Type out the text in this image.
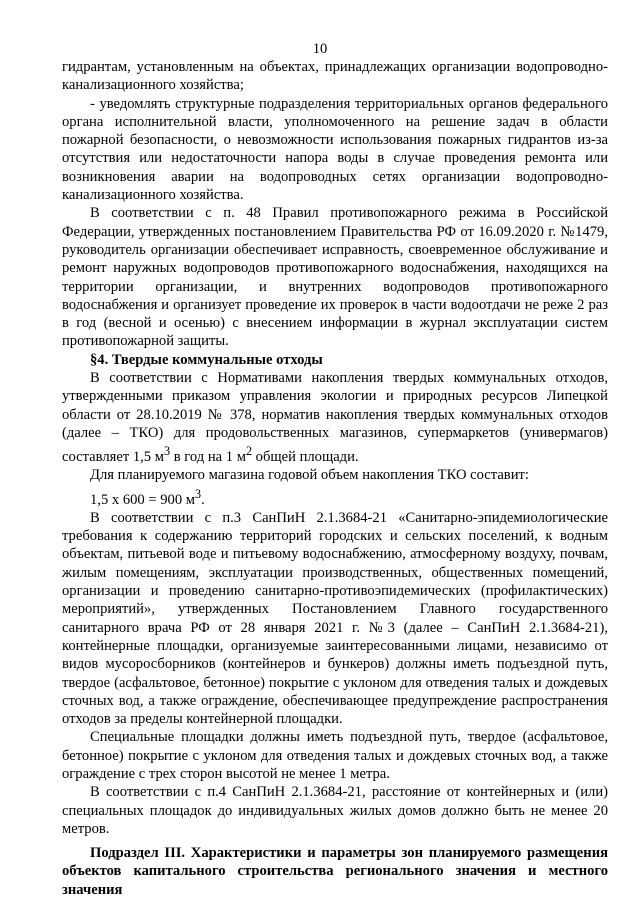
10

гидрантам, установленным на объектах, принадлежащих организации водопроводно-канализационного хозяйства;

- уведомлять структурные подразделения территориальных органов федерального органа исполнительной власти, уполномоченного на решение задач в области пожарной безопасности, о невозможности использования пожарных гидрантов из-за отсутствия или недостаточности напора воды в случае проведения ремонта или возникновения аварии на водопроводных сетях организации водопроводно-канализационного хозяйства.

В соответствии с п. 48 Правил противопожарного режима в Российской Федерации, утвержденных постановлением Правительства РФ от 16.09.2020 г. №1479, руководитель организации обеспечивает исправность, своевременное обслуживание и ремонт наружных водопроводов противопожарного водоснабжения, находящихся на территории организации, и внутренних водопроводов противопожарного водоснабжения и организует проведение их проверок в части водоотдачи не реже 2 раз в год (весной и осенью) с внесением информации в журнал эксплуатации систем противопожарной защиты.

§4. Твердые коммунальные отходы

В соответствии с Нормативами накопления твердых коммунальных отходов, утвержденными приказом управления экологии и природных ресурсов Липецкой области от 28.10.2019 № 378, норматив накопления твердых коммунальных отходов (далее – ТКО) для продовольственных магазинов, супермаркетов (универмагов) составляет 1,5 $м^3$ в год на 1 $м^2$ общей площади.

Для планируемого магазина годовой объем накопления ТКО составит:

1,5 х 600 = 900 $м^3$.

В соответствии с п.3 СанПиН 2.1.3684-21 «Санитарно-эпидемиологические требования к содержанию территорий городских и сельских поселений, к водным объектам, питьевой воде и питьевому водоснабжению, атмосферному воздуху, почвам, жилым помещениям, эксплуатации производственных, общественных помещений, организации и проведению санитарно-противоэпидемических (профилактических) мероприятий», утвержденных Постановлением Главного государственного санитарного врача РФ от 28 января 2021 г. №3 (далее – СанПиН 2.1.3684-21), контейнерные площадки, организуемые заинтересованными лицами, независимо от видов мусоросборников (контейнеров и бункеров) должны иметь подъездной путь, твердое (асфальтовое, бетонное) покрытие с уклоном для отведения талых и дождевых сточных вод, а также ограждение, обеспечивающее предупреждение распространения отходов за пределы контейнерной площадки.

Специальные площадки должны иметь подъездной путь, твердое (асфальтовое, бетонное) покрытие с уклоном для отведения талых и дождевых сточных вод, а также ограждение с трех сторон высотой не менее 1 метра.

В соответствии с п.4 СанПиН 2.1.3684-21, расстояние от контейнерных и (или) специальных площадок до индивидуальных жилых домов должно быть не менее 20 метров.

Подраздел III. Характеристики и параметры зон планируемого размещения объектов капитального строительства регионального значения и местного значения
